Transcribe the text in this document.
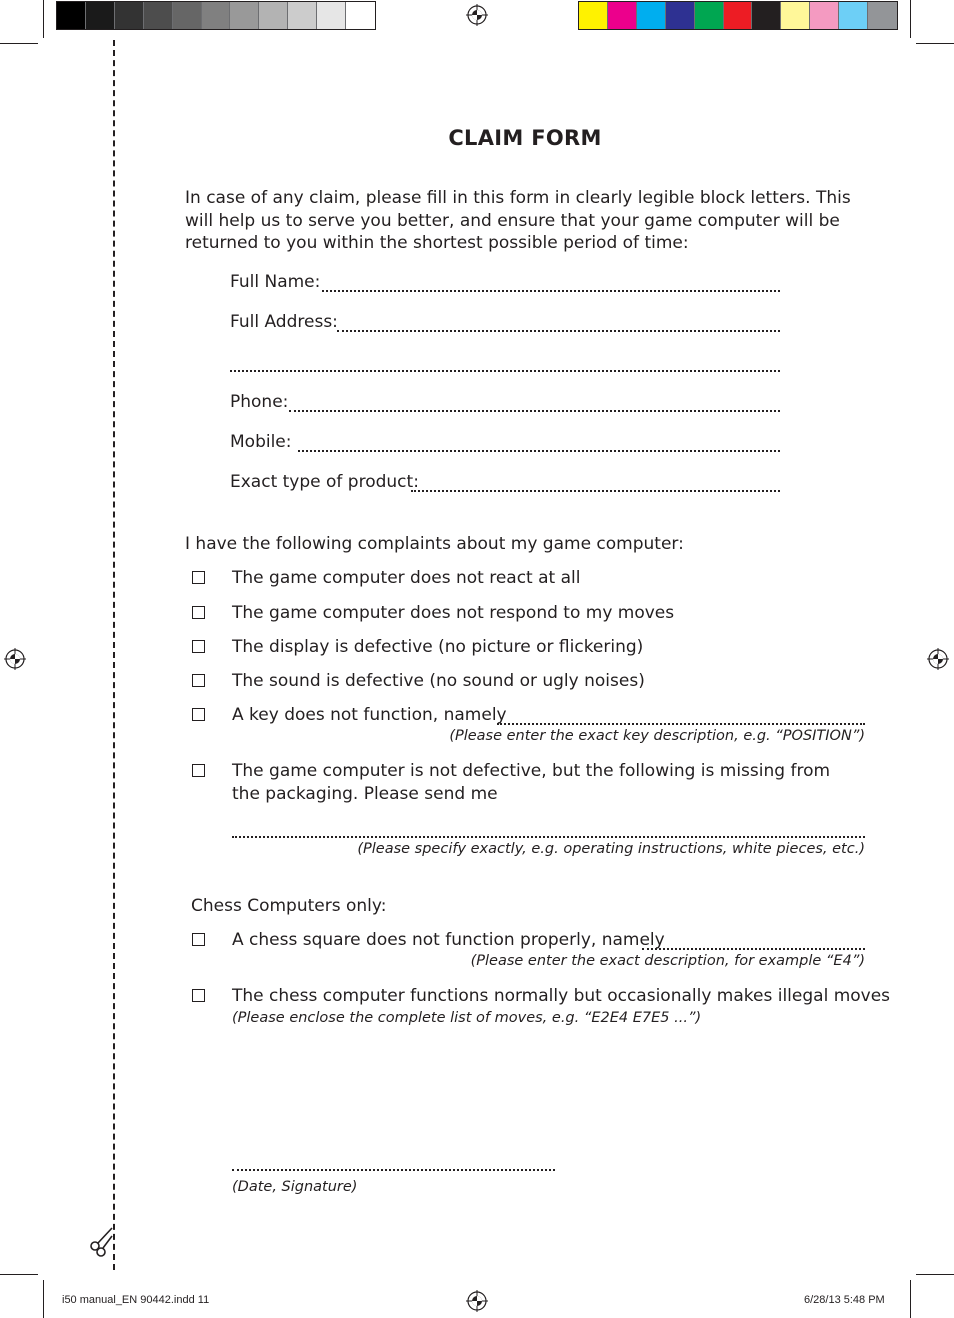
CLAIM FORM
In case of any claim, please fill in this form in clearly legible block letters. This will help us to serve you better, and ensure that your game computer will be returned to you within the shortest possible period of time:
Full Name:
Full Address:
Phone:
Mobile:
Exact type of product:
I have the following complaints about my game computer:
The game computer does not react at all
The game computer does not respond to my moves
The display is defective (no picture or flickering)
The sound is defective (no sound or ugly noises)
A key does not function, namely
(Please enter the exact key description, e.g. “POSITION”)
The game computer is not defective, but the following is missing from the packaging. Please send me
(Please specify exactly, e.g. operating instructions, white pieces, etc.)
Chess Computers only:
A chess square does not function properly, namely
(Please enter the exact description, for example “E4”)
The chess computer functions normally but occasionally makes illegal moves
(Please enclose the complete list of moves, e.g. “E2E4 E7E5 ...”)
(Date, Signature)
i50 manual_EN 90442.indd 11	6/28/13 5:48 PM
